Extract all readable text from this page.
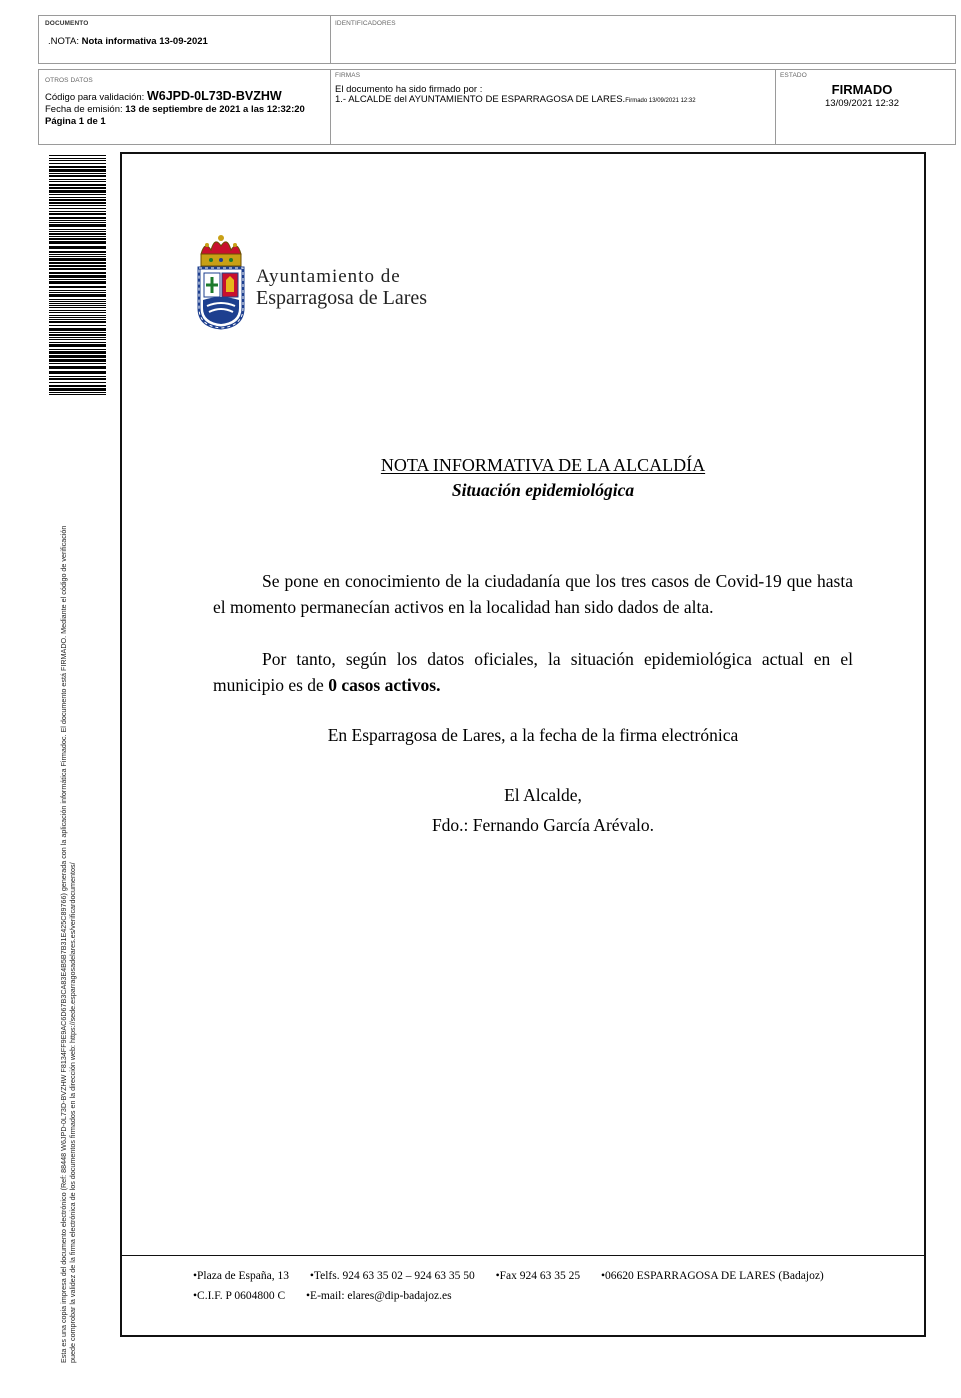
DOCUMENTO
.NOTA: Nota informativa 13-09-2021
IDENTIFICADORES
OTROS DATOS
Código para validación: W6JPD-0L73D-BVZHW
Fecha de emisión: 13 de septiembre de 2021 a las 12:32:20
Página 1 de 1
FIRMAS
El documento ha sido firmado por :
1.- ALCALDE del AYUNTAMIENTO DE ESPARRAGOSA DE LARES.Firmado 13/09/2021 12:32
ESTADO
FIRMADO
13/09/2021 12:32
Esta es una copia impresa del documento electrónico (Ref: 88448 W6JPD-0L73D-BVZHW F8134FF9E9AC6D67B3CA83E4B5B7B31E425C89766) generada con la aplicación informática Firmadoc. El documento está FIRMADO. Mediante el código de verificación puede comprobar la validez de la firma electrónica de los documentos firmados en la dirección web: https://sede.esparragosadelares.es/verificardocumentos/
Ayuntamiento de
Esparragosa de Lares
NOTA INFORMATIVA DE LA ALCALDÍA
Situación epidemiológica
Se pone en conocimiento de la ciudadanía que los tres casos de Covid-19 que hasta el momento permanecían activos en la localidad han sido dados de alta.
Por tanto, según los datos oficiales, la situación epidemiológica actual en el municipio es de 0 casos activos.
En Esparragosa de Lares, a la fecha de la firma electrónica
El Alcalde,
Fdo.: Fernando García Arévalo.
•Plaza de España, 13 •Telfs. 924 63 35 02 – 924 63 35 50 •Fax 924 63 35 25 •06620 ESPARRAGOSA DE LARES (Badajoz)
•C.I.F. P 0604800 C •E-mail: elares@dip-badajoz.es
